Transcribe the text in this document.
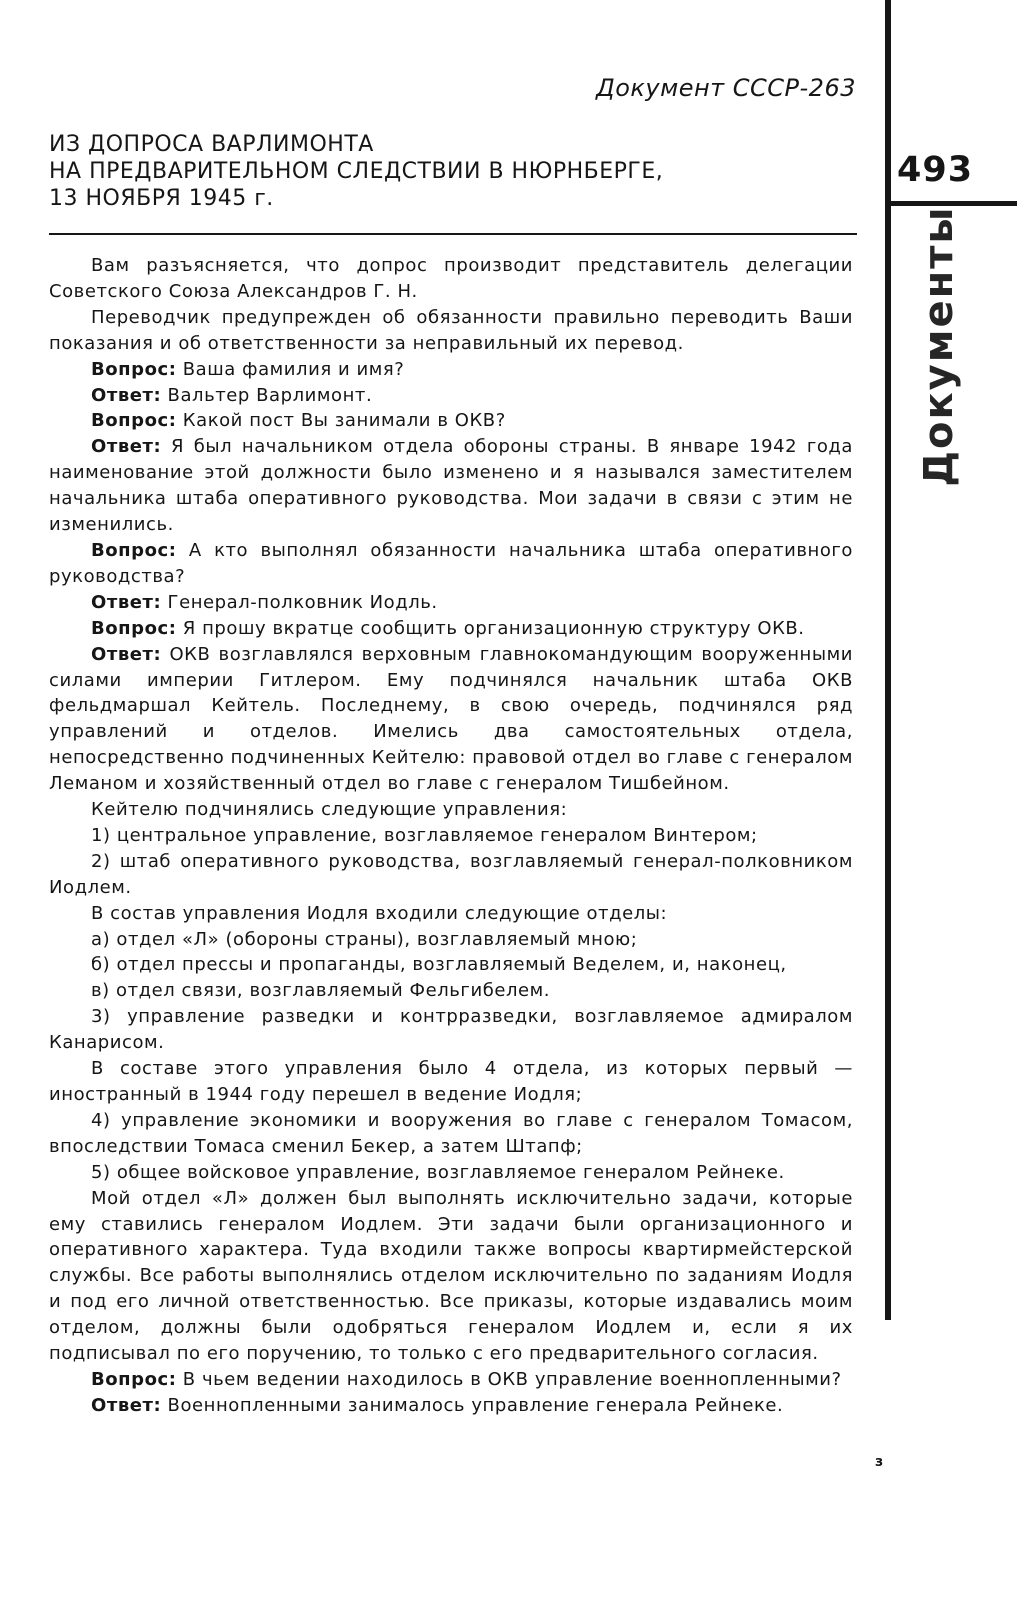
Документ СССР-263
ИЗ ДОПРОСА ВАРЛИМОНТА
НА ПРЕДВАРИТЕЛЬНОМ СЛЕДСТВИИ В НЮРНБЕРГЕ,
13 НОЯБРЯ 1945 г.
493
Документы
з

Вам разъясняется, что допрос производит представитель делегации Советского Союза Александров Г. Н.

Переводчик предупрежден об обязанности правильно переводить Ваши показания и об ответственности за неправильный их перевод.

Вопрос: Ваша фамилия и имя?

Ответ: Вальтер Варлимонт.

Вопрос: Какой пост Вы занимали в ОКВ?

Ответ: Я был начальником отдела обороны страны. В январе 1942 года наименование этой должности было изменено и я назывался заместителем начальника штаба оперативного руководства. Мои задачи в связи с этим не изменились.

Вопрос: А кто выполнял обязанности начальника штаба оперативного руководства?

Ответ: Генерал-полковник Иодль.

Вопрос: Я прошу вкратце сообщить организационную структуру ОКВ.

Ответ: ОКВ возглавлялся верховным главнокомандующим вооруженными силами империи Гитлером. Ему подчинялся начальник штаба ОКВ фельдмаршал Кейтель. Последнему, в свою очередь, подчинялся ряд управлений и отделов. Имелись два самостоятельных отдела, непосредственно подчиненных Кейтелю: правовой отдел во главе с генералом Леманом и хозяйственный отдел во главе с генералом Тишбейном.

Кейтелю подчинялись следующие управления:

1) центральное управление, возглавляемое генералом Винтером;

2) штаб оперативного руководства, возглавляемый генерал-полковником Иодлем.

В состав управления Иодля входили следующие отделы:

а) отдел «Л» (обороны страны), возглавляемый мною;

б) отдел прессы и пропаганды, возглавляемый Веделем, и, наконец,

в) отдел связи, возглавляемый Фельгибелем.

3) управление разведки и контрразведки, возглавляемое адмиралом Канарисом.

В составе этого управления было 4 отдела, из которых первый — иностранный в 1944 году перешел в ведение Иодля;

4) управление экономики и вооружения во главе с генералом Томасом, впоследствии Томаса сменил Бекер, а затем Штапф;

5) общее войсковое управление, возглавляемое генералом Рейнеке.

Мой отдел «Л» должен был выполнять исключительно задачи, которые ему ставились генералом Иодлем. Эти задачи были организационного и оперативного характера. Туда входили также вопросы квартирмейстерской службы. Все работы выполнялись отделом исключительно по заданиям Иодля и под его личной ответственностью. Все приказы, которые издавались моим отделом, должны были одобряться генералом Иодлем и, если я их подписывал по его поручению, то только с его предварительного согласия.

Вопрос: В чьем ведении находилось в ОКВ управление военнопленными?

Ответ: Военнопленными занималось управление генерала Рейнеке.
